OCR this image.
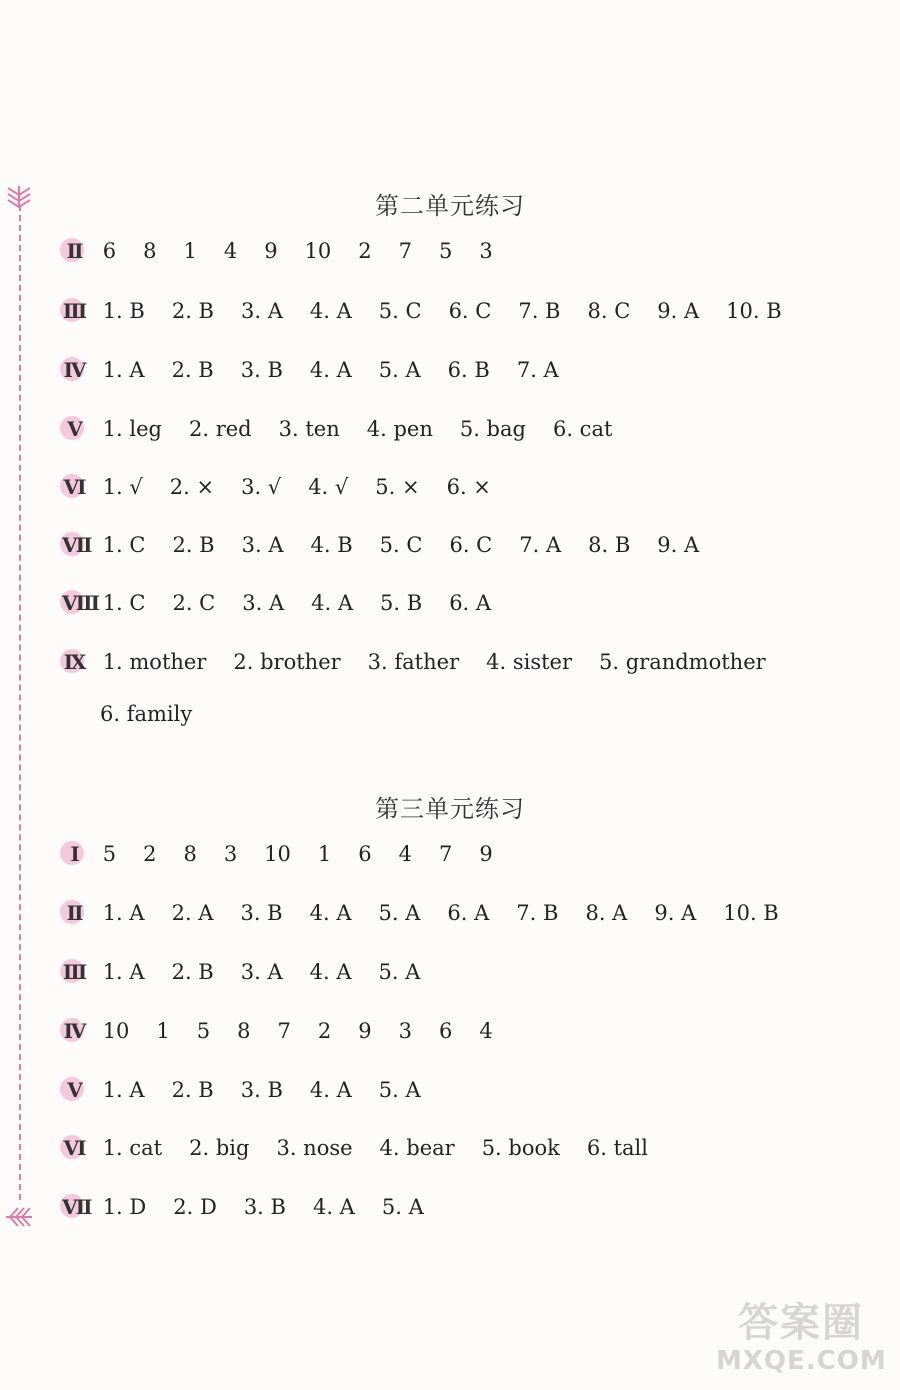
第二单元练习
Ⅱ 6 8 1 4 9 10 2 7 5 3
Ⅲ 1. B 2. B 3. A 4. A 5. C 6. C 7. B 8. C 9. A 10. B
Ⅳ 1. A 2. B 3. B 4. A 5. A 6. B 7. A
Ⅴ 1. leg 2. red 3. ten 4. pen 5. bag 6. cat
Ⅵ 1. √ 2. × 3. √ 4. √ 5. × 6. ×
Ⅶ 1. C 2. B 3. A 4. B 5. C 6. C 7. A 8. B 9. A
Ⅷ 1. C 2. C 3. A 4. A 5. B 6. A
Ⅸ 1. mother 2. brother 3. father 4. sister 5. grandmother
6. family
第三单元练习
Ⅰ	5 2 8 3 10 1 6 4 7 9
Ⅱ 1. A 2. A 3. B 4. A 5. A 6. A 7. B 8. A 9. A 10. B
Ⅲ 1. A 2. B 3. A 4. A 5. A
Ⅳ 10 1 5 8 7 2 9 3 6 4
Ⅴ 1. A 2. B 3. B 4. A 5. A
Ⅵ 1. cat 2. big 3. nose 4. bear 5. book 6. tall
Ⅶ 1. D 2. D 3. B 4. A 5. A
答案圈
MXQE.COM
